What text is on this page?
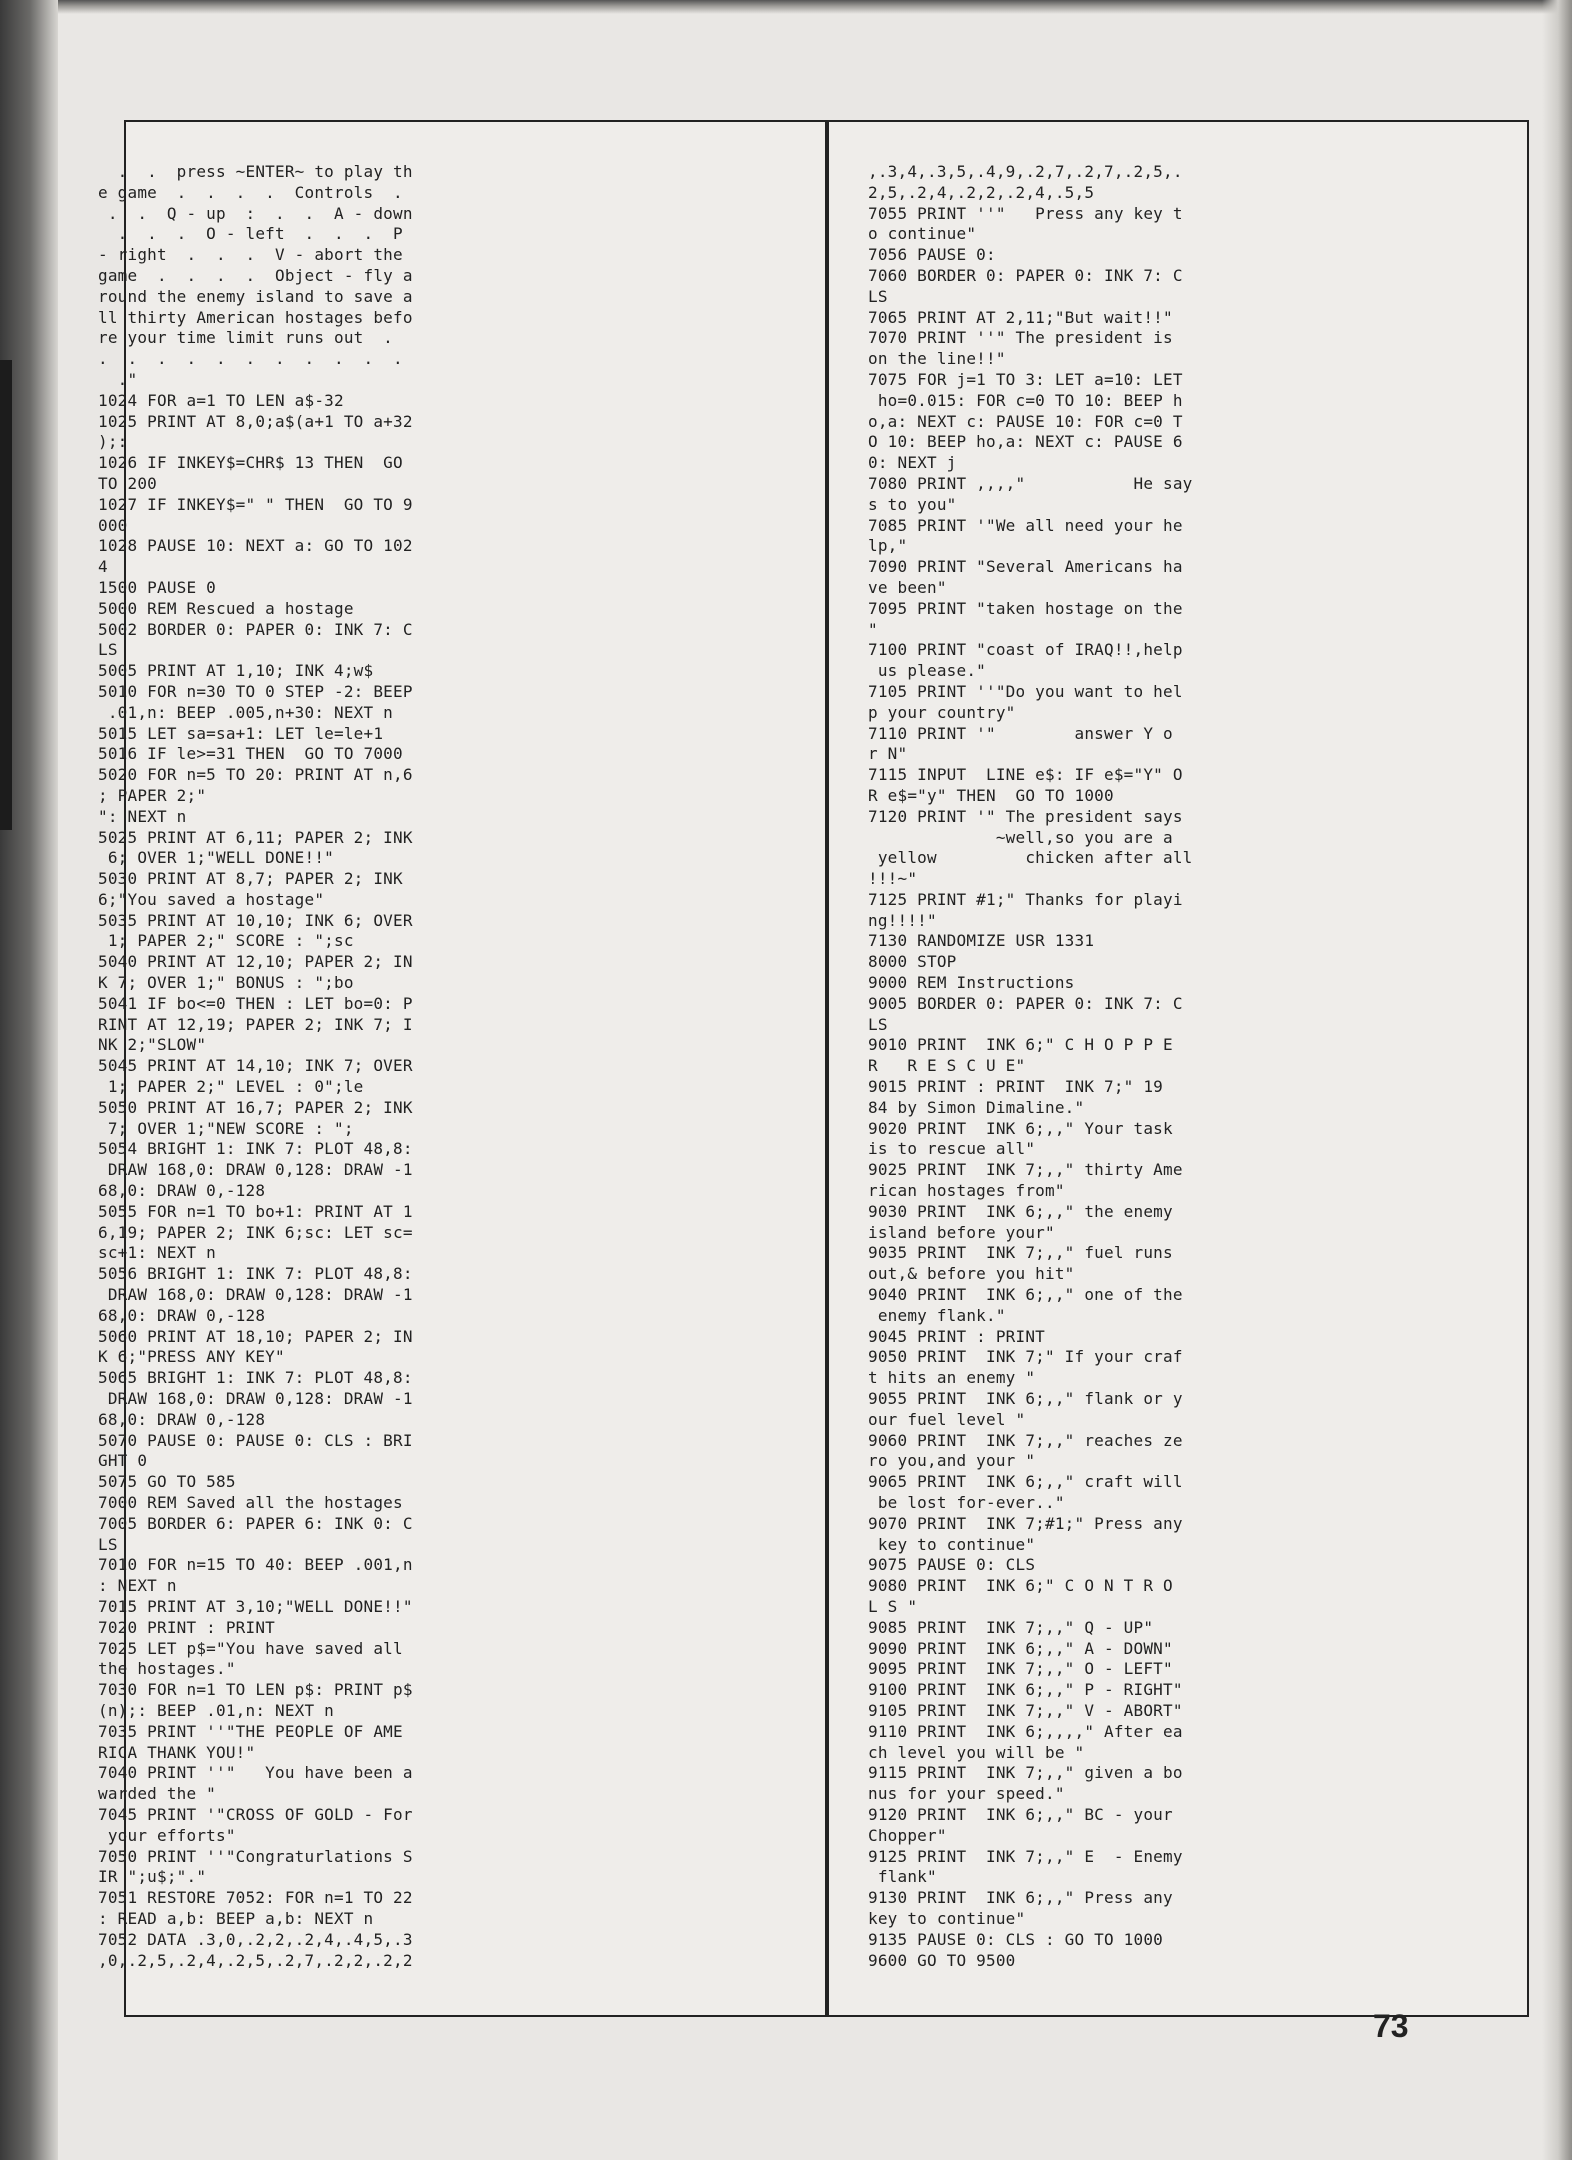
.  .  press ~ENTER~ to play th
e game  .  .  .  .  Controls  .
.  .  Q - up  :  .  .  A - down
.  .  .  O - left  .  .  .  P
- right  .  .  .  V - abort the
game  .  .  .  .  Object - fly a
round the enemy island to save a
ll thirty American hostages befo
re your time limit runs out  .
.  .  .  .  .  .  .  .  .  .  .
."
1024 FOR a=1 TO LEN a$-32
1025 PRINT AT 8,0;a$(a+1 TO a+32
);:
1026 IF INKEY$=CHR$ 13 THEN  GO
TO 200
1027 IF INKEY$=" " THEN  GO TO 9
000
1028 PAUSE 10: NEXT a: GO TO 102
4
1500 PAUSE 0
5000 REM Rescued a hostage
5002 BORDER 0: PAPER 0: INK 7: C
LS
5005 PRINT AT 1,10; INK 4;w$
5010 FOR n=30 TO 0 STEP -2: BEEP
.01,n: BEEP .005,n+30: NEXT n
5015 LET sa=sa+1: LET le=le+1
5016 IF le>=31 THEN  GO TO 7000
5020 FOR n=5 TO 20: PRINT AT n,6
; PAPER 2;"
": NEXT n
5025 PRINT AT 6,11; PAPER 2; INK
6; OVER 1;"WELL DONE!!"
5030 PRINT AT 8,7; PAPER 2; INK
6;"You saved a hostage"
5035 PRINT AT 10,10; INK 6; OVER
1; PAPER 2;" SCORE : ";sc
5040 PRINT AT 12,10; PAPER 2; IN
K 7; OVER 1;" BONUS : ";bo
5041 IF bo<=0 THEN : LET bo=0: P
RINT AT 12,19; PAPER 2; INK 7; I
NK 2;"SLOW"
5045 PRINT AT 14,10; INK 7; OVER
1; PAPER 2;" LEVEL : 0";le
5050 PRINT AT 16,7; PAPER 2; INK
7; OVER 1;"NEW SCORE : ";
5054 BRIGHT 1: INK 7: PLOT 48,8:
DRAW 168,0: DRAW 0,128: DRAW -1
68,0: DRAW 0,-128
5055 FOR n=1 TO bo+1: PRINT AT 1
6,19; PAPER 2; INK 6;sc: LET sc=
sc+1: NEXT n
5056 BRIGHT 1: INK 7: PLOT 48,8:
DRAW 168,0: DRAW 0,128: DRAW -1
68,0: DRAW 0,-128
5060 PRINT AT 18,10; PAPER 2; IN
K 6;"PRESS ANY KEY"
5065 BRIGHT 1: INK 7: PLOT 48,8:
DRAW 168,0: DRAW 0,128: DRAW -1
68,0: DRAW 0,-128
5070 PAUSE 0: PAUSE 0: CLS : BRI
GHT 0
5075 GO TO 585
7000 REM Saved all the hostages
7005 BORDER 6: PAPER 6: INK 0: C
LS
7010 FOR n=15 TO 40: BEEP .001,n
: NEXT n
7015 PRINT AT 3,10;"WELL DONE!!"
7020 PRINT : PRINT
7025 LET p$="You have saved all
the hostages."
7030 FOR n=1 TO LEN p$: PRINT p$
(n);: BEEP .01,n: NEXT n
7035 PRINT ''"THE PEOPLE OF AME
RICA THANK YOU!"
7040 PRINT ''"   You have been a
warded the "
7045 PRINT '"CROSS OF GOLD - For
your efforts"
7050 PRINT ''"Congraturlations S
IR ";u$;"."
7051 RESTORE 7052: FOR n=1 TO 22
: READ a,b: BEEP a,b: NEXT n
7052 DATA .3,0,.2,2,.2,4,.4,5,.3
,0,.2,5,.2,4,.2,5,.2,7,.2,2,.2,2
,.3,4,.3,5,.4,9,.2,7,.2,7,.2,5,.
2,5,.2,4,.2,2,.2,4,.5,5
7055 PRINT ''"   Press any key t
o continue"
7056 PAUSE 0:
7060 BORDER 0: PAPER 0: INK 7: C
LS
7065 PRINT AT 2,11;"But wait!!"
7070 PRINT ''" The president is
on the line!!"
7075 FOR j=1 TO 3: LET a=10: LET
ho=0.015: FOR c=0 TO 10: BEEP h
o,a: NEXT c: PAUSE 10: FOR c=0 T
O 10: BEEP ho,a: NEXT c: PAUSE 6
0: NEXT j
7080 PRINT ,,,,"           He say
s to you"
7085 PRINT '"We all need your he
lp,"
7090 PRINT "Several Americans ha
ve been"
7095 PRINT "taken hostage on the
"
7100 PRINT "coast of IRAQ!!,help
us please."
7105 PRINT ''"Do you want to hel
p your country"
7110 PRINT '"        answer Y o
r N"
7115 INPUT  LINE e$: IF e$="Y" O
R e$="y" THEN  GO TO 1000
7120 PRINT '" The president says
~well,so you are a
yellow         chicken after all
!!!~"
7125 PRINT #1;" Thanks for playi
ng!!!!"
7130 RANDOMIZE USR 1331
8000 STOP
9000 REM Instructions
9005 BORDER 0: PAPER 0: INK 7: C
LS
9010 PRINT  INK 6;" C H O P P E
R   R E S C U E"
9015 PRINT : PRINT  INK 7;" 19
84 by Simon Dimaline."
9020 PRINT  INK 6;,," Your task
is to rescue all"
9025 PRINT  INK 7;,," thirty Ame
rican hostages from"
9030 PRINT  INK 6;,," the enemy
island before your"
9035 PRINT  INK 7;,," fuel runs
out,& before you hit"
9040 PRINT  INK 6;,," one of the
enemy flank."
9045 PRINT : PRINT
9050 PRINT  INK 7;" If your craf
t hits an enemy "
9055 PRINT  INK 6;,," flank or y
our fuel level "
9060 PRINT  INK 7;,," reaches ze
ro you,and your "
9065 PRINT  INK 6;,," craft will
be lost for-ever.."
9070 PRINT  INK 7;#1;" Press any
key to continue"
9075 PAUSE 0: CLS
9080 PRINT  INK 6;" C O N T R O
L S "
9085 PRINT  INK 7;,," Q - UP"
9090 PRINT  INK 6;,," A - DOWN"
9095 PRINT  INK 7;,," O - LEFT"
9100 PRINT  INK 6;,," P - RIGHT"
9105 PRINT  INK 7;,," V - ABORT"
9110 PRINT  INK 6;,,,," After ea
ch level you will be "
9115 PRINT  INK 7;,," given a bo
nus for your speed."
9120 PRINT  INK 6;,," BC - your
Chopper"
9125 PRINT  INK 7;,," E  - Enemy
flank"
9130 PRINT  INK 6;,," Press any
key to continue"
9135 PAUSE 0: CLS : GO TO 1000
9600 GO TO 9500
73
